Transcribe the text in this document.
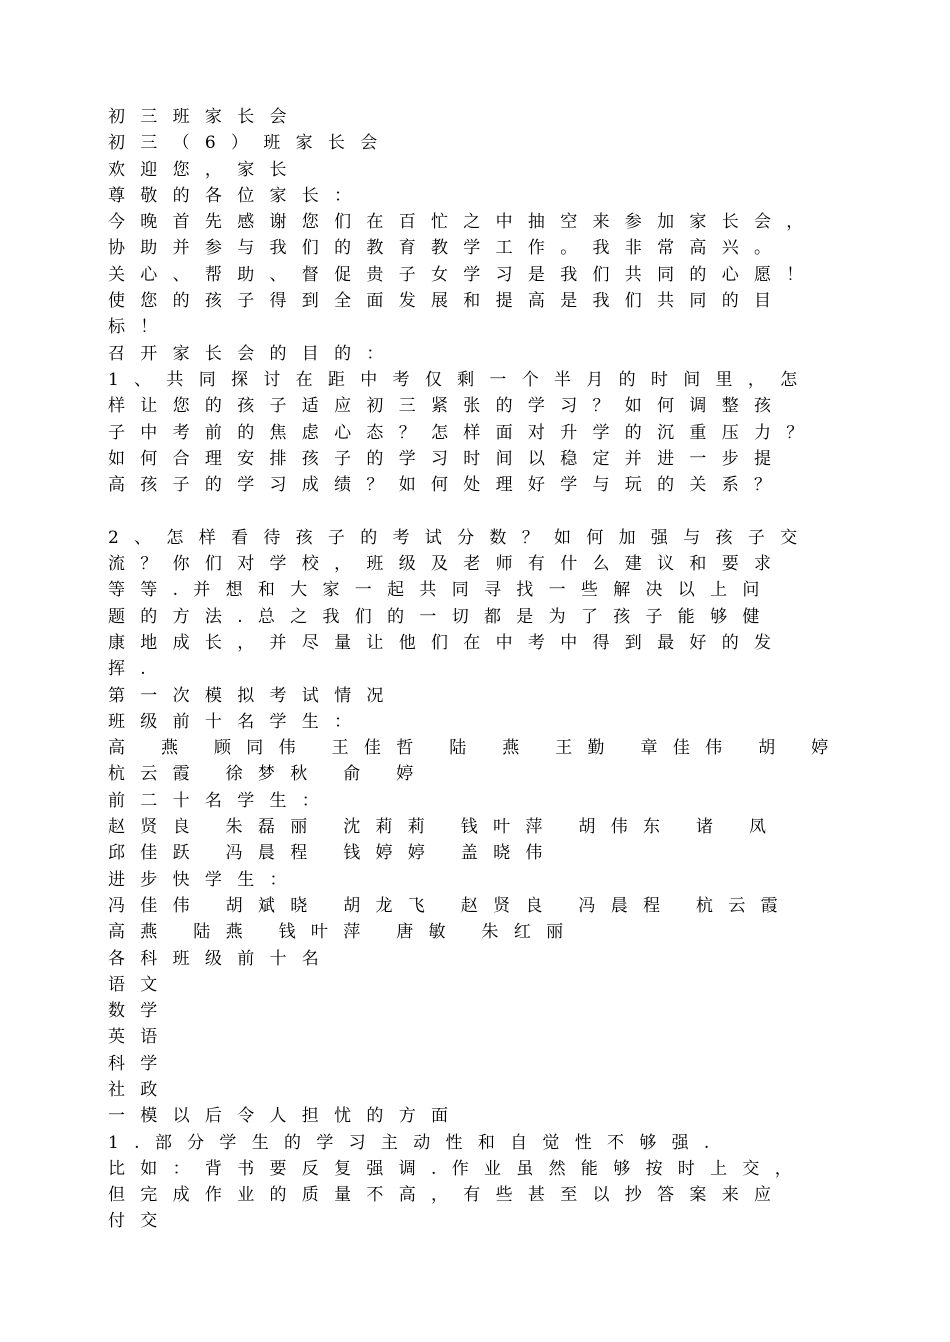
初三班家长会
初三（6）班家长会
欢迎您，家长
尊敬的各位家长：
今晚首先感谢您们在百忙之中抽空来参加家长会，
协助并参与我们的教育教学工作。我非常高兴。
关心、帮助、督促贵子女学习是我们共同的心愿！
使您的孩子得到全面发展和提高是我们共同的目
标！
召开家长会的目的：
1、共同探讨在距中考仅剩一个半月的时间里，怎
样让您的孩子适应初三紧张的学习？如何调整孩
子中考前的焦虑心态？怎样面对升学的沉重压力？
如何合理安排孩子的学习时间以稳定并进一步提
高孩子的学习成绩？如何处理好学与玩的关系？
2、怎样看待孩子的考试分数？如何加强与孩子交
流？你们对学校，班级及老师有什么建议和要求
等等.并想和大家一起共同寻找一些解决以上问
题的方法.总之我们的一切都是为了孩子能够健
康地成长，并尽量让他们在中考中得到最好的发
挥.
第一次模拟考试情况
班级前十名学生：
高 燕 顾同伟 王佳哲 陆 燕 王勤 章佳伟 胡 婷
杭云霞 徐梦秋 俞 婷
前二十名学生：
赵贤良 朱磊丽 沈莉莉 钱叶萍 胡伟东 诸 凤
邱佳跃 冯晨程 钱婷婷 盖晓伟
进步快学生：
冯佳伟 胡斌晓 胡龙飞 赵贤良 冯晨程 杭云霞
高燕 陆燕 钱叶萍 唐敏 朱红丽
各科班级前十名
语文
数学
英语
科学
社政
一模以后令人担忧的方面
1.部分学生的学习主动性和自觉性不够强.
比如：背书要反复强调.作业虽然能够按时上交，
但完成作业的质量不高，有些甚至以抄答案来应
付交
